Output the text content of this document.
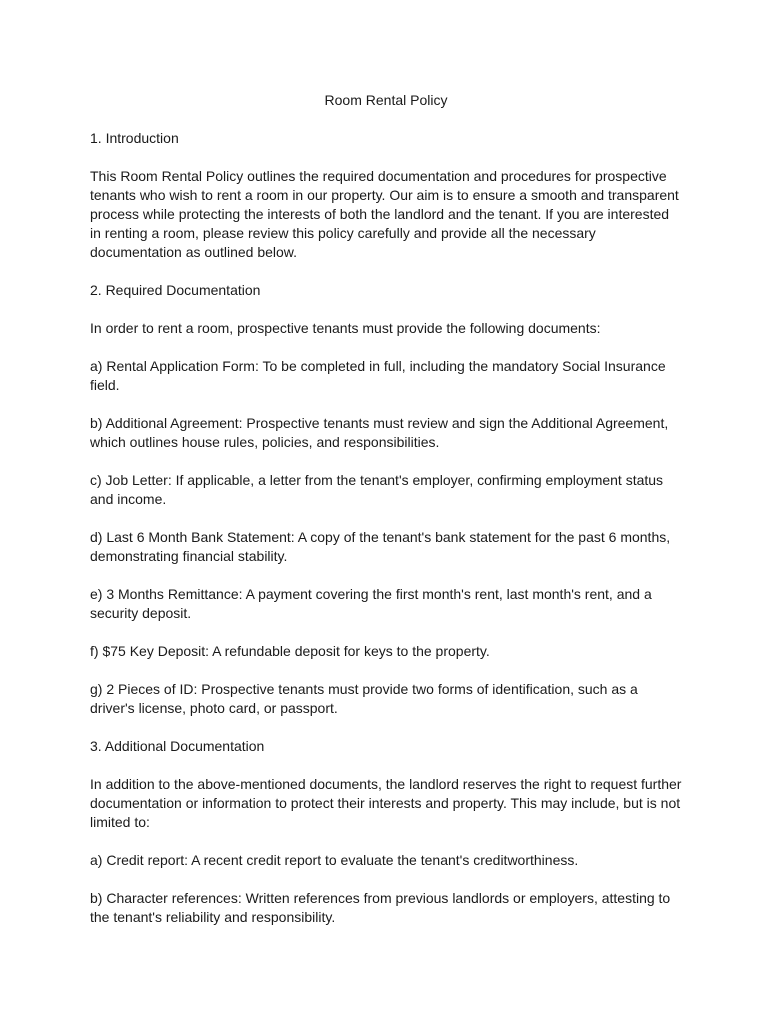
Room Rental Policy

1. Introduction

This Room Rental Policy outlines the required documentation and procedures for prospective tenants who wish to rent a room in our property. Our aim is to ensure a smooth and transparent process while protecting the interests of both the landlord and the tenant. If you are interested in renting a room, please review this policy carefully and provide all the necessary documentation as outlined below.

2. Required Documentation

In order to rent a room, prospective tenants must provide the following documents:

a) Rental Application Form: To be completed in full, including the mandatory Social Insurance field.

b) Additional Agreement: Prospective tenants must review and sign the Additional Agreement, which outlines house rules, policies, and responsibilities.

c) Job Letter: If applicable, a letter from the tenant's employer, confirming employment status and income.

d) Last 6 Month Bank Statement: A copy of the tenant's bank statement for the past 6 months, demonstrating financial stability.

e) 3 Months Remittance: A payment covering the first month's rent, last month's rent, and a security deposit.

f) $75 Key Deposit: A refundable deposit for keys to the property.

g) 2 Pieces of ID: Prospective tenants must provide two forms of identification, such as a driver's license, photo card, or passport.

3. Additional Documentation

In addition to the above-mentioned documents, the landlord reserves the right to request further documentation or information to protect their interests and property. This may include, but is not limited to:

a) Credit report: A recent credit report to evaluate the tenant's creditworthiness.

b) Character references: Written references from previous landlords or employers, attesting to the tenant's reliability and responsibility.
